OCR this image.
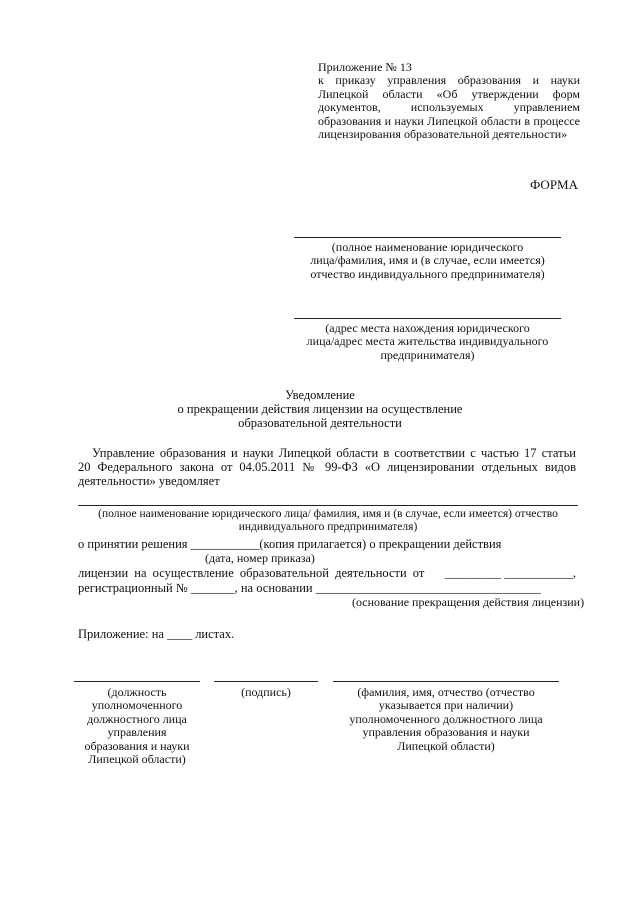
Приложение № 13
к приказу управления образования и науки
Липецкой области «Об утверждении форм
документов, используемых управлением
образования и науки Липецкой области в процессе
лицензирования образовательной деятельности»
ФОРМА
(полное наименование юридического
лица/фамилия, имя и (в случае, если имеется)
отчество индивидуального предпринимателя)
(адрес места нахождения юридического
лица/адрес места жительства индивидуального
предпринимателя)
Уведомление
о прекращении действия лицензии на осуществление
образовательной деятельности
Управление образования и науки Липецкой области в соответствии с частью 17 статьи
20 Федерального закона от 04.05.2011 № 99-ФЗ «О лицензировании отдельных видов
деятельности» уведомляет
(полное наименование юридического лица/ фамилия, имя и (в случае, если имеется) отчество
индивидуального предпринимателя)
о принятии решения ___________(копия прилагается) о прекращении действия
(дата, номер приказа)
лицензии на осуществление образовательной деятельности от _________ ___________,
регистрационный № _______, на основании ____________________________________
(основание прекращения действия лицензии)
Приложение: на ____ листах.
(должность
уполномоченного
должностного лица
управления
образования и науки
Липецкой области)
(подпись)	(фамилия, имя, отчество (отчество
указывается при наличии)
уполномоченного должностного лица
управления образования и науки
Липецкой области)
